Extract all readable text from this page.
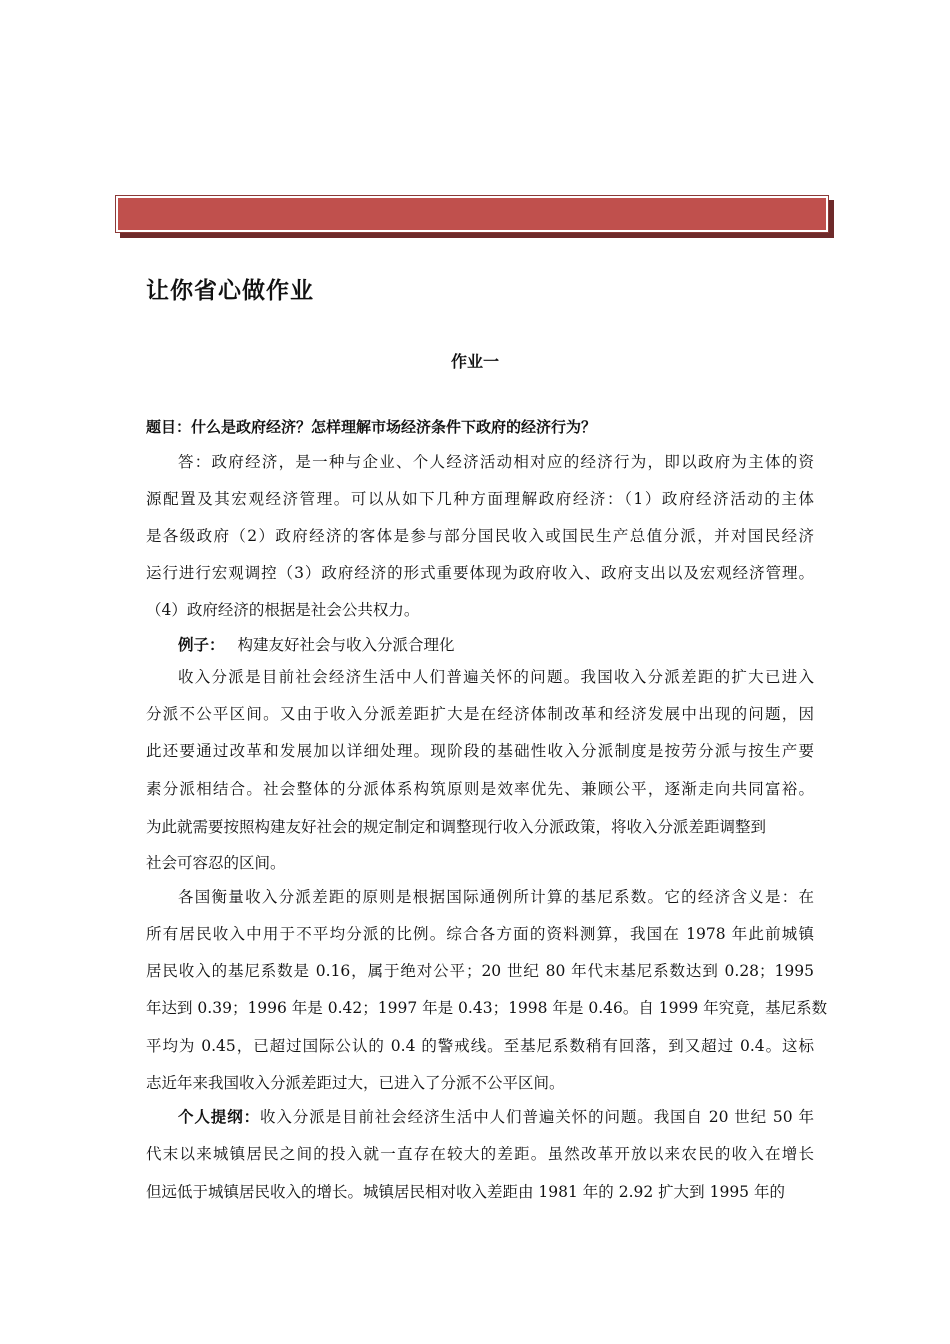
让你省心做作业
作业一

题目：什么是政府经济？怎样理解市场经济条件下政府的经济行为？

答：政府经济，是一种与企业、个人经济活动相对应的经济行为，即以政府为主体的资

源配置及其宏观经济管理。可以从如下几种方面理解政府经济：（1）政府经济活动的主体

是各级政府（2）政府经济的客体是参与部分国民收入或国民生产总值分派，并对国民经济

运行进行宏观调控（3）政府经济的形式重要体现为政府收入、政府支出以及宏观经济管理。

（4）政府经济的根据是社会公共权力。

例子： 构建友好社会与收入分派合理化

收入分派是目前社会经济生活中人们普遍关怀的问题。我国收入分派差距的扩大已进入

分派不公平区间。又由于收入分派差距扩大是在经济体制改革和经济发展中出现的问题，因

此还要通过改革和发展加以详细处理。现阶段的基础性收入分派制度是按劳分派与按生产要

素分派相结合。社会整体的分派体系构筑原则是效率优先、兼顾公平，逐渐走向共同富裕。

为此就需要按照构建友好社会的规定制定和调整现行收入分派政策，将收入分派差距调整到

社会可容忍的区间。

各国衡量收入分派差距的原则是根据国际通例所计算的基尼系数。它的经济含义是：在

所有居民收入中用于不平均分派的比例。综合各方面的资料测算，我国在 1978 年此前城镇

居民收入的基尼系数是 0.16，属于绝对公平；20 世纪 80 年代末基尼系数达到 0.28；1995

年达到 0.39；1996 年是 0.42；1997 年是 0.43；1998 年是 0.46。自 1999 年究竟，基尼系数

平均为 0.45，已超过国际公认的 0.4 的警戒线。至基尼系数稍有回落，到又超过 0.4。这标

志近年来我国收入分派差距过大，已进入了分派不公平区间。

个人提纲：收入分派是目前社会经济生活中人们普遍关怀的问题。我国自 20 世纪 50 年

代末以来城镇居民之间的投入就一直存在较大的差距。虽然改革开放以来农民的收入在增长

但远低于城镇居民收入的增长。城镇居民相对收入差距由 1981 年的 2.92 扩大到 1995 年的
